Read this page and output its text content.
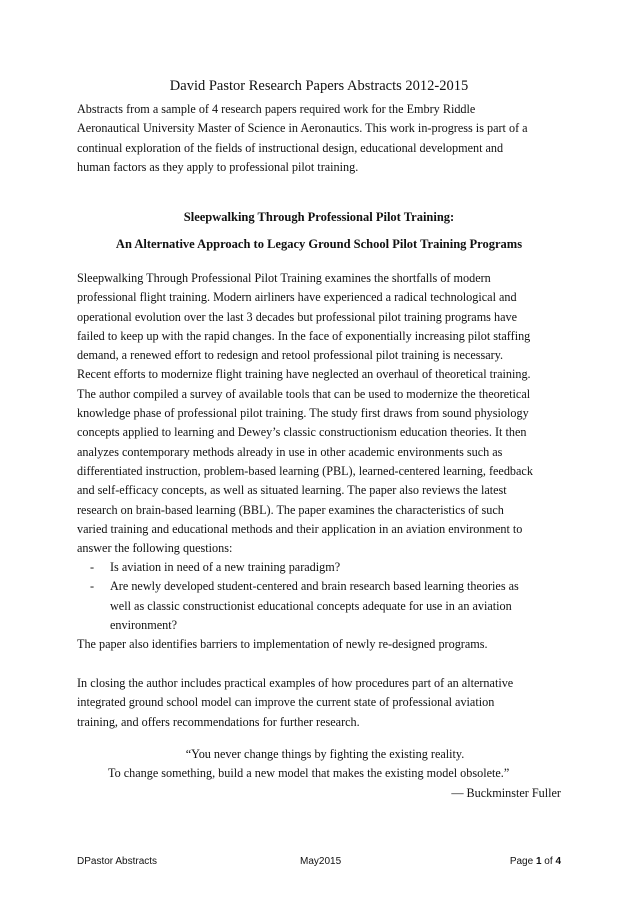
David Pastor Research Papers Abstracts 2012-2015

Abstracts from a sample of 4 research papers required work for the Embry Riddle

Aeronautical University Master of Science in Aeronautics. This work in-progress is part of a

continual exploration of the fields of instructional design, educational development and

human factors as they apply to professional pilot training.

Sleepwalking Through Professional Pilot Training:
An Alternative Approach to Legacy Ground School Pilot Training Programs

Sleepwalking Through Professional Pilot Training examines the shortfalls of modern

professional flight training. Modern airliners have experienced a radical technological and

operational evolution over the last 3 decades but professional pilot training programs have

failed to keep up with the rapid changes. In the face of exponentially increasing pilot staffing

demand, a renewed effort to redesign and retool professional pilot training is necessary.

Recent efforts to modernize flight training have neglected an overhaul of theoretical training.

The author compiled a survey of available tools that can be used to modernize the theoretical

knowledge phase of professional pilot training. The study first draws from sound physiology

concepts applied to learning and Dewey’s classic constructionism education theories. It then

analyzes contemporary methods already in use in other academic environments such as

differentiated instruction, problem-based learning (PBL), learned-centered learning, feedback

and self-efficacy concepts, as well as situated learning. The paper also reviews the latest

research on brain-based learning (BBL). The paper examines the characteristics of such

varied training and educational methods and their application in an aviation environment to

answer the following questions:

-	Is aviation in need of a new training paradigm?
-	Are newly developed student-centered and brain research based learning theories as
well as classic constructionist educational concepts adequate for use in an aviation
environment?
The paper also identifies barriers to implementation of newly re-designed programs.

In closing the author includes practical examples of how procedures part of an alternative

integrated ground school model can improve the current state of professional aviation

training, and offers recommendations for further research.

“You never change things by fighting the existing reality.
To change something, build a new model that makes the existing model obsolete.”
— Buckminster Fuller
DPastor Abstracts	May2015	Page 1 of 4
